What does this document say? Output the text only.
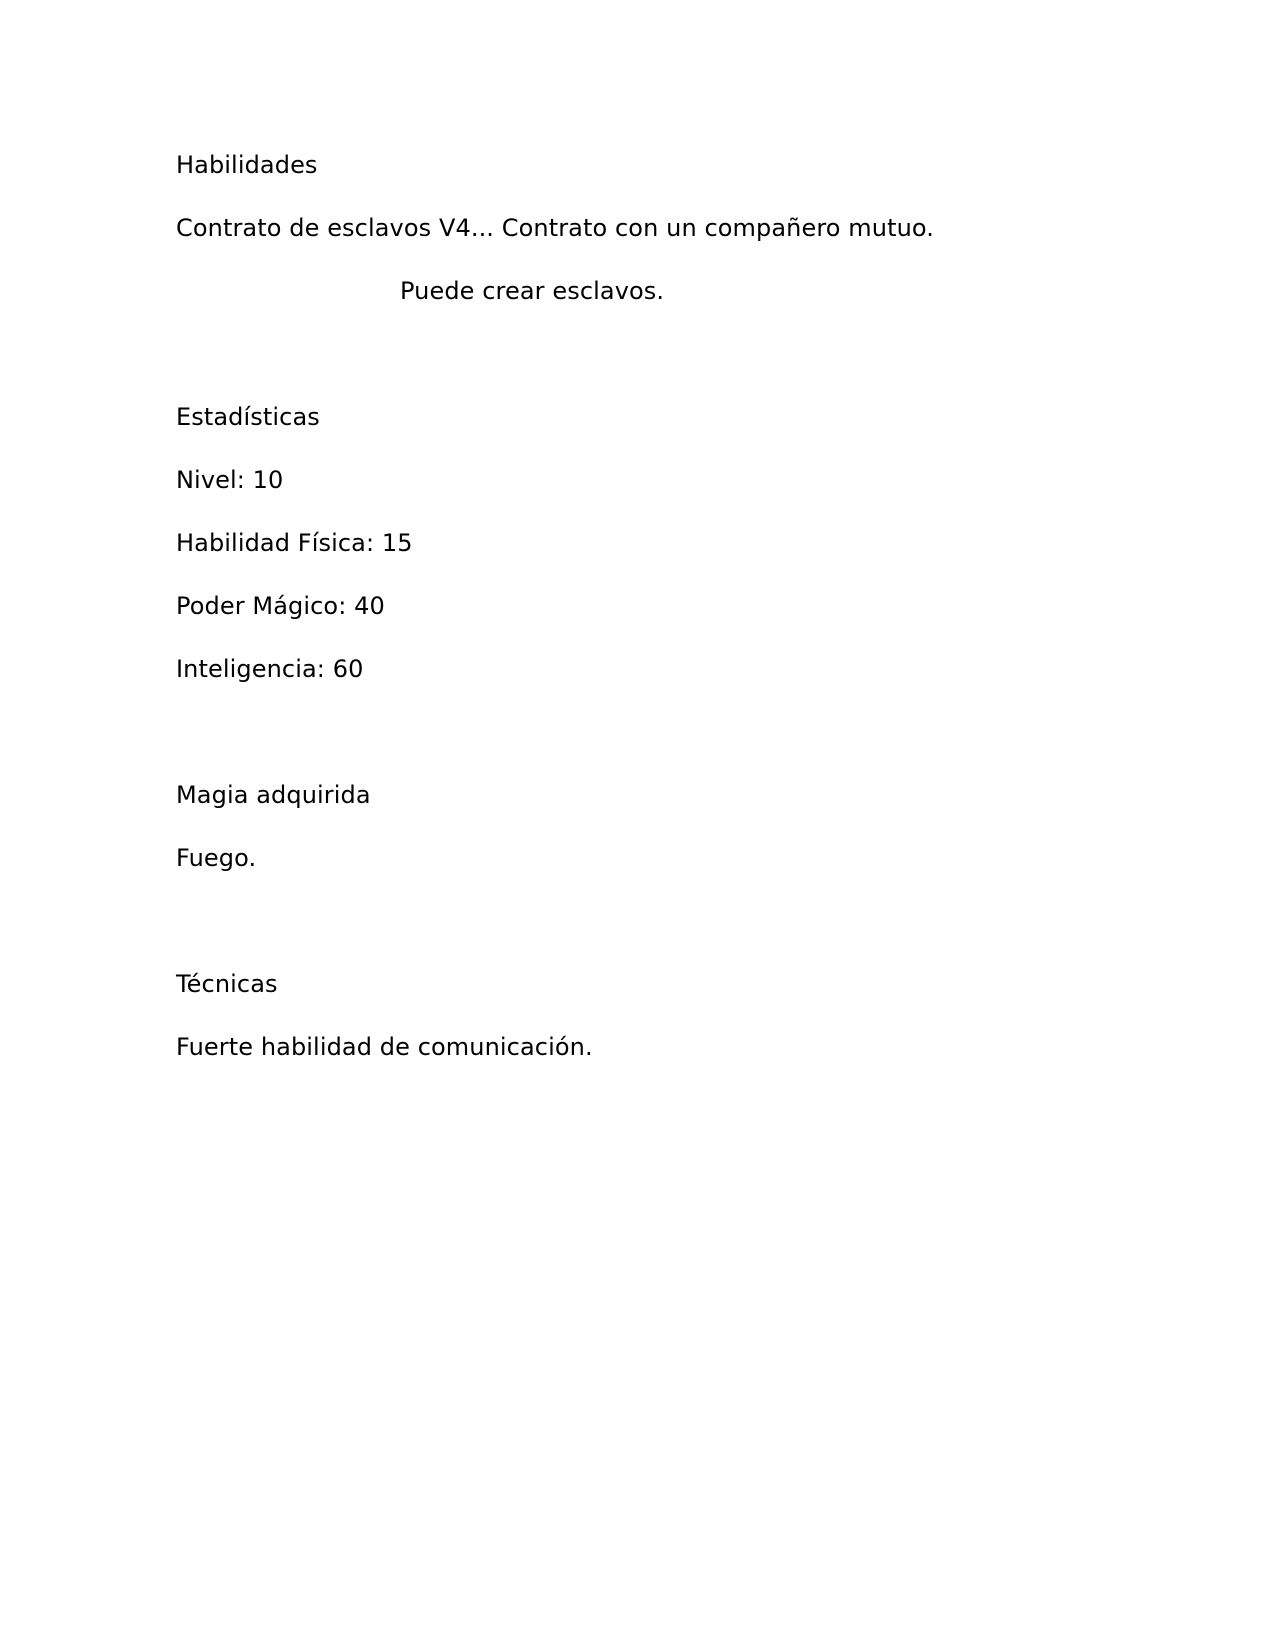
Habilidades

Contrato de esclavos V4... Contrato con un compañero mutuo.

Puede crear esclavos.

Estadísticas

Nivel: 10

Habilidad Física: 15

Poder Mágico: 40

Inteligencia: 60

Magia adquirida

Fuego.

Técnicas

Fuerte habilidad de comunicación.
